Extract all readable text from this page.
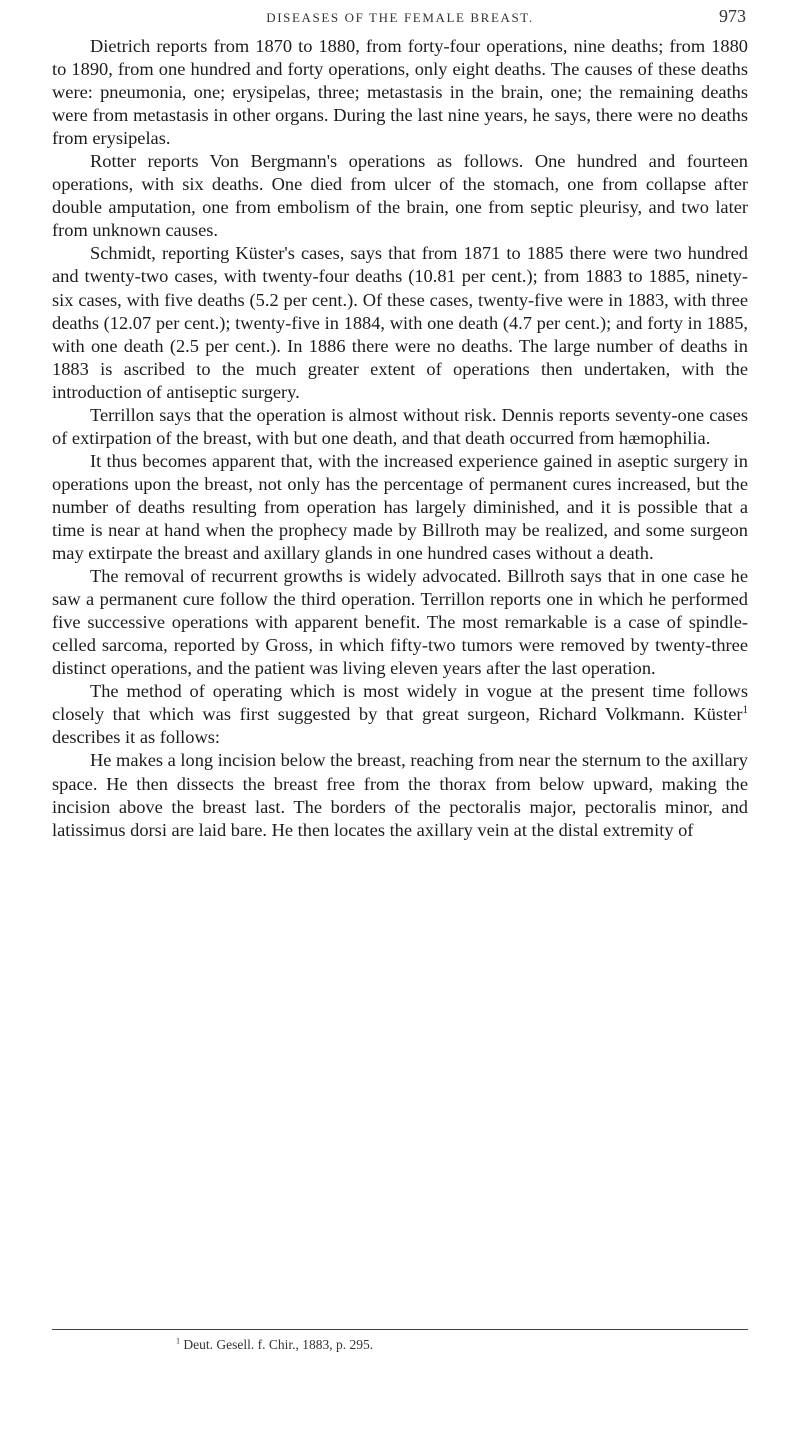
DISEASES OF THE FEMALE BREAST.	973

Dietrich reports from 1870 to 1880, from forty-four operations, nine deaths; from 1880 to 1890, from one hundred and forty operations, only eight deaths. The causes of these deaths were: pneumonia, one; erysipelas, three; metastasis in the brain, one; the remaining deaths were from metastasis in other organs. During the last nine years, he says, there were no deaths from erysipelas.

Rotter reports Von Bergmann's operations as follows. One hundred and fourteen operations, with six deaths. One died from ulcer of the stomach, one from collapse after double amputation, one from embolism of the brain, one from septic pleurisy, and two later from unknown causes.

Schmidt, reporting Küster's cases, says that from 1871 to 1885 there were two hundred and twenty-two cases, with twenty-four deaths (10.81 per cent.); from 1883 to 1885, ninety-six cases, with five deaths (5.2 per cent.). Of these cases, twenty-five were in 1883, with three deaths (12.07 per cent.); twenty-five in 1884, with one death (4.7 per cent.); and forty in 1885, with one death (2.5 per cent.). In 1886 there were no deaths. The large number of deaths in 1883 is ascribed to the much greater extent of operations then undertaken, with the introduction of antiseptic surgery.

Terrillon says that the operation is almost without risk. Dennis reports seventy-one cases of extirpation of the breast, with but one death, and that death occurred from hæmophilia.

It thus becomes apparent that, with the increased experience gained in aseptic surgery in operations upon the breast, not only has the percentage of permanent cures increased, but the number of deaths resulting from operation has largely diminished, and it is possible that a time is near at hand when the prophecy made by Billroth may be realized, and some surgeon may extirpate the breast and axillary glands in one hundred cases without a death.

The removal of recurrent growths is widely advocated. Billroth says that in one case he saw a permanent cure follow the third operation. Terrillon reports one in which he performed five successive operations with apparent benefit. The most remarkable is a case of spindle-celled sarcoma, reported by Gross, in which fifty-two tumors were removed by twenty-three distinct operations, and the patient was living eleven years after the last operation.

The method of operating which is most widely in vogue at the present time follows closely that which was first suggested by that great surgeon, Richard Volkmann. Küster$^1$ describes it as follows:

He makes a long incision below the breast, reaching from near the sternum to the axillary space. He then dissects the breast free from the thorax from below upward, making the incision above the breast last. The borders of the pectoralis major, pectoralis minor, and latissimus dorsi are laid bare. He then locates the axillary vein at the distal extremity of

$^1$ Deut. Gesell. f. Chir., 1883, p. 295.
